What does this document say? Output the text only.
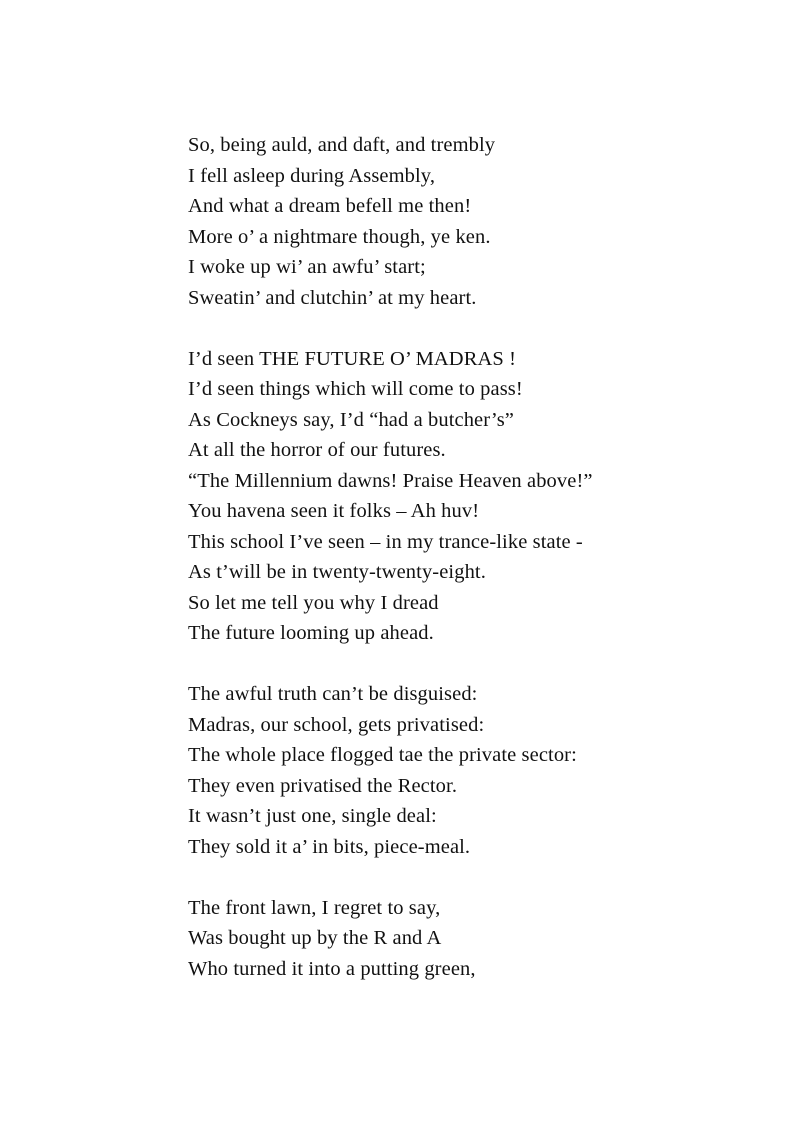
So, being auld, and daft, and trembly
I fell asleep during Assembly,
And what a dream befell me then!
More o’ a nightmare though, ye ken.
I woke up wi’ an awfu’ start;
Sweatin’ and clutchin’ at my heart.
I’d seen THE FUTURE O’ MADRAS !
I’d seen things which will come to pass!
As Cockneys say, I’d “had a butcher’s”
At all the horror of our futures.
“The Millennium dawns! Praise Heaven above!”
You havena seen it folks – Ah huv!
This school I’ve seen – in my trance-like state -
As t’will be in twenty-twenty-eight.
So let me tell you why I dread
The future looming up ahead.
The awful truth can’t be disguised:
Madras, our school, gets privatised:
The whole place flogged tae the private sector:
They even privatised the Rector.
It wasn’t just one, single deal:
They sold it a’ in bits, piece-meal.
The front lawn, I regret to say,
Was bought up by the R and A
Who turned it into a putting green,
